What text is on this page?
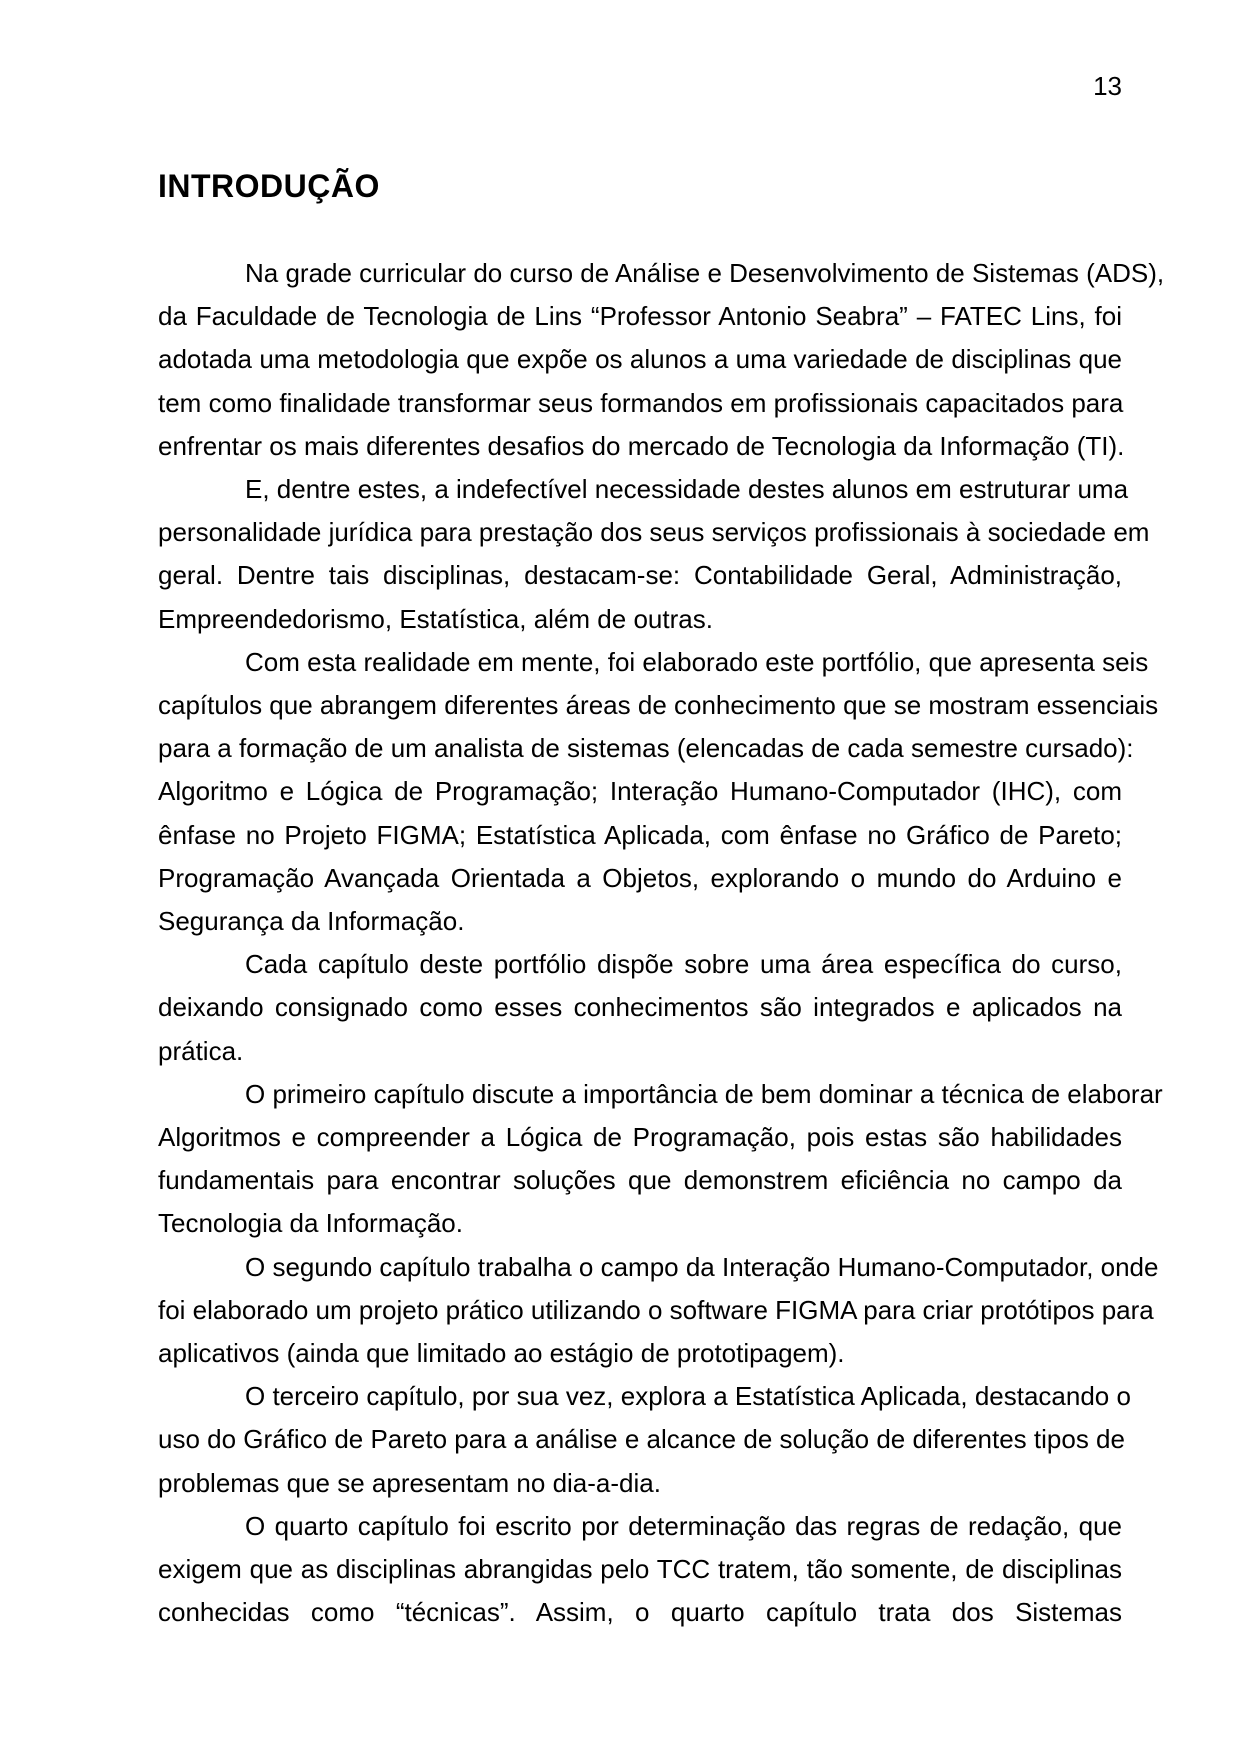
13
INTRODUÇÃO
Na grade curricular do curso de Análise e Desenvolvimento de Sistemas (ADS),
da Faculdade de Tecnologia de Lins “Professor Antonio Seabra” – FATEC Lins, foi
adotada uma metodologia que expõe os alunos a uma variedade de disciplinas que
tem como finalidade transformar seus formandos em profissionais capacitados para
enfrentar os mais diferentes desafios do mercado de Tecnologia da Informação (TI).
E, dentre estes, a indefectível necessidade destes alunos em estruturar uma
personalidade jurídica para prestação dos seus serviços profissionais à sociedade em
geral. Dentre tais disciplinas, destacam-se: Contabilidade Geral, Administração,
Empreendedorismo, Estatística, além de outras.
Com esta realidade em mente, foi elaborado este portfólio, que apresenta seis
capítulos que abrangem diferentes áreas de conhecimento que se mostram essenciais
para a formação de um analista de sistemas (elencadas de cada semestre cursado):
Algoritmo e Lógica de Programação; Interação Humano-Computador (IHC), com
ênfase no Projeto FIGMA; Estatística Aplicada, com ênfase no Gráfico de Pareto;
Programação Avançada Orientada a Objetos, explorando o mundo do Arduino e
Segurança da Informação.
Cada capítulo deste portfólio dispõe sobre uma área específica do curso,
deixando consignado como esses conhecimentos são integrados e aplicados na
prática.
O primeiro capítulo discute a importância de bem dominar a técnica de elaborar
Algoritmos e compreender a Lógica de Programação, pois estas são habilidades
fundamentais para encontrar soluções que demonstrem eficiência no campo da
Tecnologia da Informação.
O segundo capítulo trabalha o campo da Interação Humano-Computador, onde
foi elaborado um projeto prático utilizando o software FIGMA para criar protótipos para
aplicativos (ainda que limitado ao estágio de prototipagem).
O terceiro capítulo, por sua vez, explora a Estatística Aplicada, destacando o
uso do Gráfico de Pareto para a análise e alcance de solução de diferentes tipos de
problemas que se apresentam no dia-a-dia.
O quarto capítulo foi escrito por determinação das regras de redação, que
exigem que as disciplinas abrangidas pelo TCC tratem, tão somente, de disciplinas
conhecidas como “técnicas”. Assim, o quarto capítulo trata dos Sistemas
